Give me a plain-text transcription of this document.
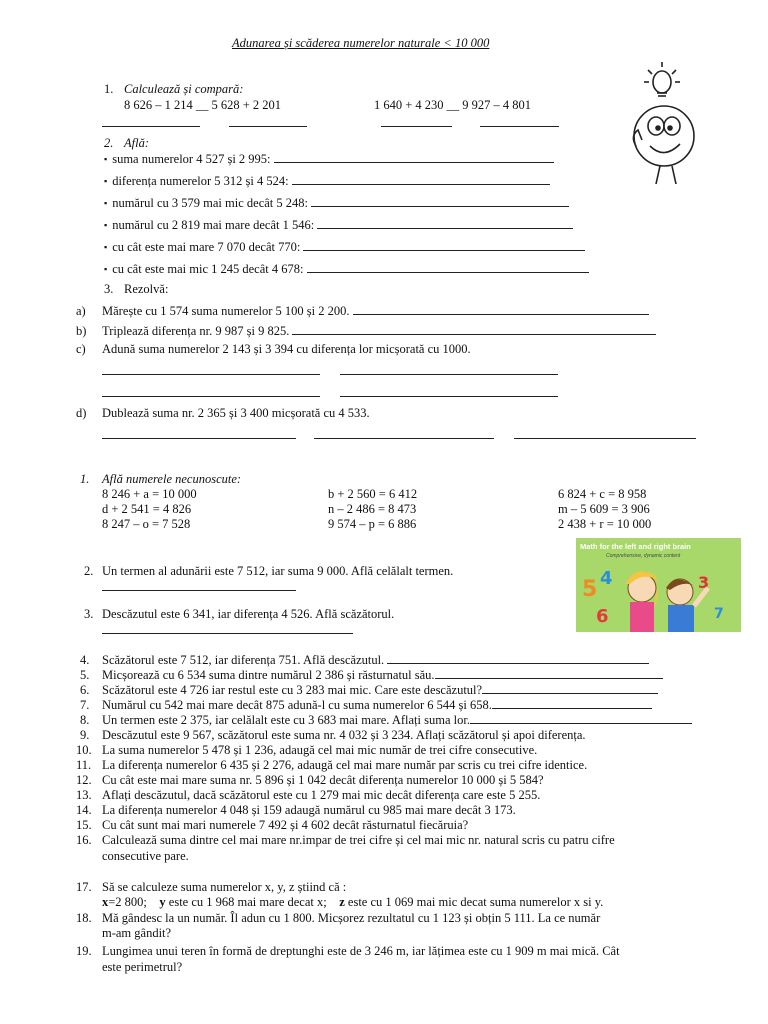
Adunarea și scăderea numerelor naturale < 10 000
1. Calculează și compară:
8 626 – 1 214 __ 5 628 + 2 201	1 640 + 4 230 __ 9 927 – 4 801
2. Află:
▪ suma numerelor 4 527 și 2 995:
▪ diferența numerelor 5 312 și 4 524:
▪ numărul cu 3 579 mai mic decât 5 248:
▪ numărul cu 2 819 mai mare decât 1 546:
▪ cu cât este mai mare 7 070 decât 770:
▪ cu cât este mai mic 1 245 decât 4 678:
3. Rezolvă:
a) Mărește cu 1 574 suma numerelor 5 100 și 2 200.
b) Triplează diferența nr. 9 987 și 9 825.
c) Adună suma numerelor 2 143 și 3 394 cu diferența lor micșorată cu 1000.
d) Dublează suma nr. 2 365 și 3 400 micșorată cu 4 533.
1. Află numerele necunoscute:
8 246 + a = 10 000
d + 2 541 = 4 826
8 247 – o = 7 528
b + 2 560 = 6 412
n – 2 486 = 8 473
9 574 – p = 6 886
6 824 + c = 8 958
m – 5 609 = 3 906
2 438 + r = 10 000
Math for the left and right brain
Comprehensive, dynamic content
5 4
6
3
7
2. Un termen al adunării este 7 512, iar suma 9 000. Află celălalt termen.
3. Descăzutul este 6 341, iar diferența 4 526. Află scăzătorul.
4. Scăzătorul este 7 512, iar diferența 751. Află descăzutul.
5. Micșorează cu 6 534 suma dintre numărul 2 386 și răsturnatul său.
6. Scăzătorul este 4 726 iar restul este cu 3 283 mai mic. Care este descăzutul?
7. Numărul cu 542 mai mare decât 875 adună-l cu suma numerelor 6 544 și 658.
8. Un termen este 2 375, iar celălalt este cu 3 683 mai mare. Aflați suma lor.
9. Descăzutul este 9 567, scăzătorul este suma nr. 4 032 și 3 234. Aflați scăzătorul și apoi diferența.
10. La suma numerelor 5 478 și 1 236, adaugă cel mai mic număr de trei cifre consecutive.
11. La diferența numerelor 6 435 și 2 276, adaugă cel mai mare număr par scris cu trei cifre identice.
12. Cu cât este mai mare suma nr. 5 896 și 1 042 decât diferența numerelor 10 000 și 5 584?
13. Aflați descăzutul, dacă scăzătorul este cu 1 279 mai mic decât diferența care este 5 255.
14. La diferența numerelor 4 048 și 159 adaugă numărul cu 985 mai mare decât 3 173.
15. Cu cât sunt mai mari numerele 7 492 și 4 602 decât răsturnatul fiecăruia?
16. Calculează suma dintre cel mai mare nr.impar de trei cifre și cel mai mic nr. natural scris cu patru cifre
consecutive pare.
17. Să se calculeze suma numerelor x, y, z știind că :
x=2 800; y este cu 1 968 mai mare decat x; z este cu 1 069 mai mic decat suma numerelor x si y.
18. Mă gândesc la un număr. Îl adun cu 1 800. Micșorez rezultatul cu 1 123 și obțin 5 111. La ce număr
m-am gândit?
19. Lungimea unui teren în formă de dreptunghi este de 3 246 m, iar lățimea este cu 1 909 m mai mică. Cât
este perimetrul?
